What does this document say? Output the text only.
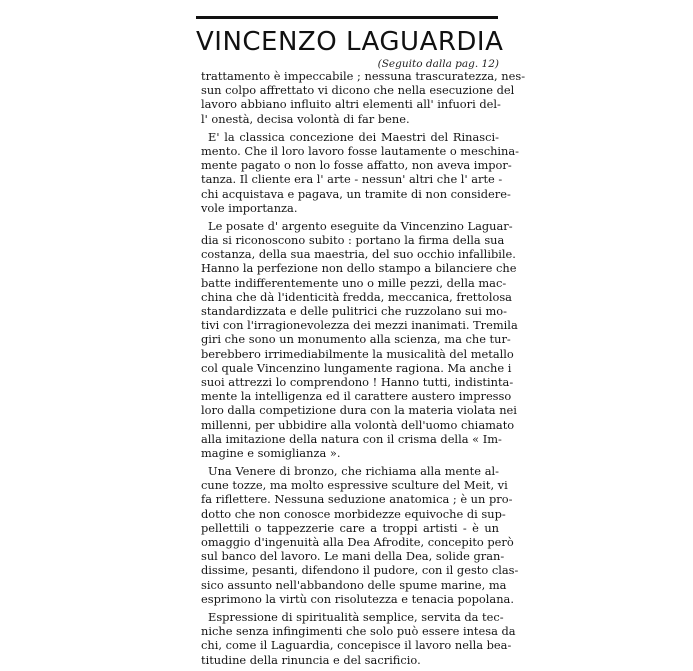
VINCENZO LAGUARDIA
(Seguito dalla pag. 12)

trattamento è impeccabile ; nessuna trascuratezza, nes-
sun colpo affrettato vi dicono che nella esecuzione del
lavoro abbiano influito altri elementi all' infuori del-
l' onestà, decisa volontà di far bene.

E' la classica concezione dei Maestri del Rinasci-
mento. Che il loro lavoro fosse lautamente o meschina-
mente pagato o non lo fosse affatto, non aveva impor-
tanza. Il cliente era l' arte - nessun' altri che l' arte -
chi acquistava e pagava, un tramite di non considere-
vole importanza.

Le posate d' argento eseguite da Vincenzino Laguar-
dia si riconoscono subito : portano la firma della sua
costanza, della sua maestria, del suo occhio infallibile.
Hanno la perfezione non dello stampo a bilanciere che
batte indifferentemente uno o mille pezzi, della mac-
china che dà l'identicità fredda, meccanica, frettolosa
standardizzata e delle pulitrici che ruzzolano sui mo-
tivi con l'irragionevolezza dei mezzi inanimati. Tremila
giri che sono un monumento alla scienza, ma che tur-
berebbero irrimediabilmente la musicalità del metallo
col quale Vincenzino lungamente ragiona. Ma anche i
suoi attrezzi lo comprendono ! Hanno tutti, indistinta-
mente la intelligenza ed il carattere austero impresso
loro dalla competizione dura con la materia violata nei
millenni, per ubbidire alla volontà dell'uomo chiamato
alla imitazione della natura con il crisma della « Im-
magine e somiglianza ».

Una Venere di bronzo, che richiama alla mente al-
cune tozze, ma molto espressive sculture del Meit, vi
fa riflettere. Nessuna seduzione anatomica ; è un pro-
dotto che non conosce morbidezze equivoche di sup-
pellettili o tappezzerie care a troppi artisti - è un
omaggio d'ingenuità alla Dea Afrodite, concepito però
sul banco del lavoro. Le mani della Dea, solide gran-
dissime, pesanti, difendono il pudore, con il gesto clas-
sico assunto nell'abbandono delle spume marine, ma
esprimono la virtù con risolutezza e tenacia popolana.

Espressione di spiritualità semplice, servita da tec-
niche senza infingimenti che solo può essere intesa da
chi, come il Laguardia, concepisce il lavoro nella bea-
titudine della rinuncia e del sacrificio.
